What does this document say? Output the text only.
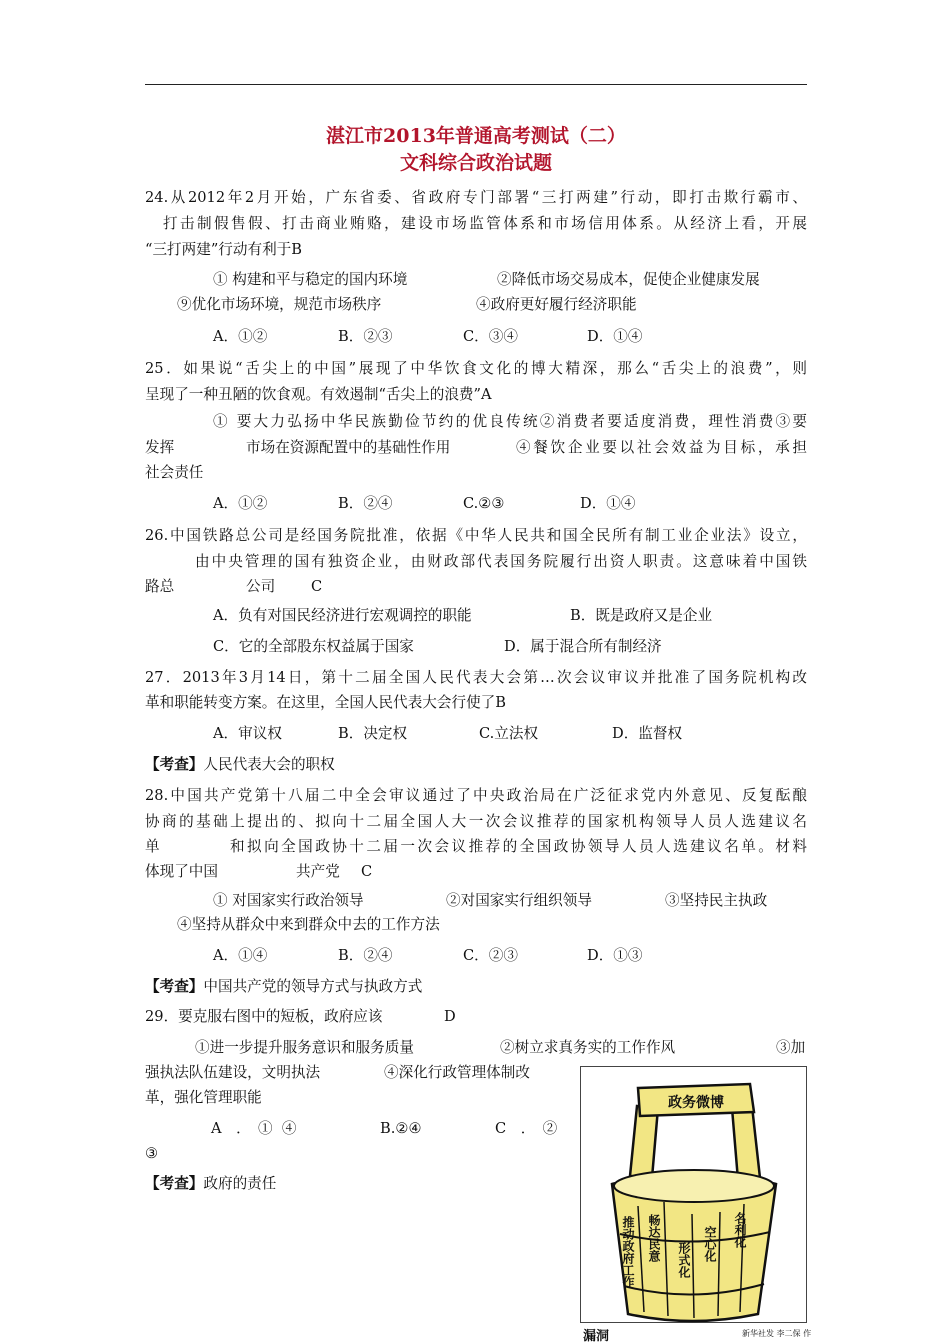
湛江市2013年普通高考测试（二）
文科综合政治试题
24.从2012年2月开始，广东省委、省政府专门部署“三打两建”行动，即打击欺行霸市、
打击制假售假、打击商业贿赂，建设市场监管体系和市场信用体系。从经济上看，开展
“三打两建”行动有利于B
① 构建和平与稳定的国内环境	②降低市场交易成本，促使企业健康发展
⑨优化市场环境，规范市场秩序	④政府更好履行经济职能
A．①②	B．②③	C．③④	D．①④
25．如果说“舌尖上的中国”展现了中华饮食文化的博大精深，那么“舌尖上的浪费”，则
呈现了一种丑陋的饮食观。有效遏制“舌尖上的浪费”A
① 要大力弘扬中华民族勤俭节约的优良传统②消费者要适度消费，理性消费③要
发挥	市场在资源配置中的基础性作用	④餐饮企业要以社会效益为目标，承担
社会责任
A．①②	B．②④	C.②③	D．①④
26.中国铁路总公司是经国务院批准，依据《中华人民共和国全民所有制工业企业法》设立，
由中央管理的国有独资企业，由财政部代表国务院履行出资人职责。这意味着中国铁
路总	公司 C
A．负有对国民经济进行宏观调控的职能	B．既是政府又是企业
C．它的全部股东权益属于国家	D．属于混合所有制经济
27．2013年3月14日，第十二届全国人民代表大会第…次会议审议并批准了国务院机构改
革和职能转变方案。在这里，全国人民代表大会行使了B
A．审议权	B．决定权	C.立法权	D．监督权
【考查】人民代表大会的职权
28.中国共产党第十八届二中全会审议通过了中央政治局在广泛征求党内外意见、反复酝酿
协商的基础上提出的、拟向十二届全国人大一次会议推荐的国家机构领导人员人选建议名
单	和拟向全国政协十二届一次会议推荐的全国政协领导人员人选建议名单。材料
体现了中国	共产党 C
① 对国家实行政治领导	②对国家实行组织领导	③坚持民主执政
④坚持从群众中来到群众中去的工作方法
A．①④	B．②④	C．②③	D．①③
【考查】中国共产党的领导方式与执政方式
29．要克服右图中的短板，政府应该	D
①进一步提升服务意识和服务质量	②树立求真务实的工作作风	③加
强执法队伍建设，文明执法	④深化行政管理体制改
革，强化管理职能
A　．　①  ④	B.②④	C　．　②
③
【考查】政府的责任
政务微博
推动政府工作 畅达民意 形式化 空心化 名利化
漏洞	新华社发 李二保 作
